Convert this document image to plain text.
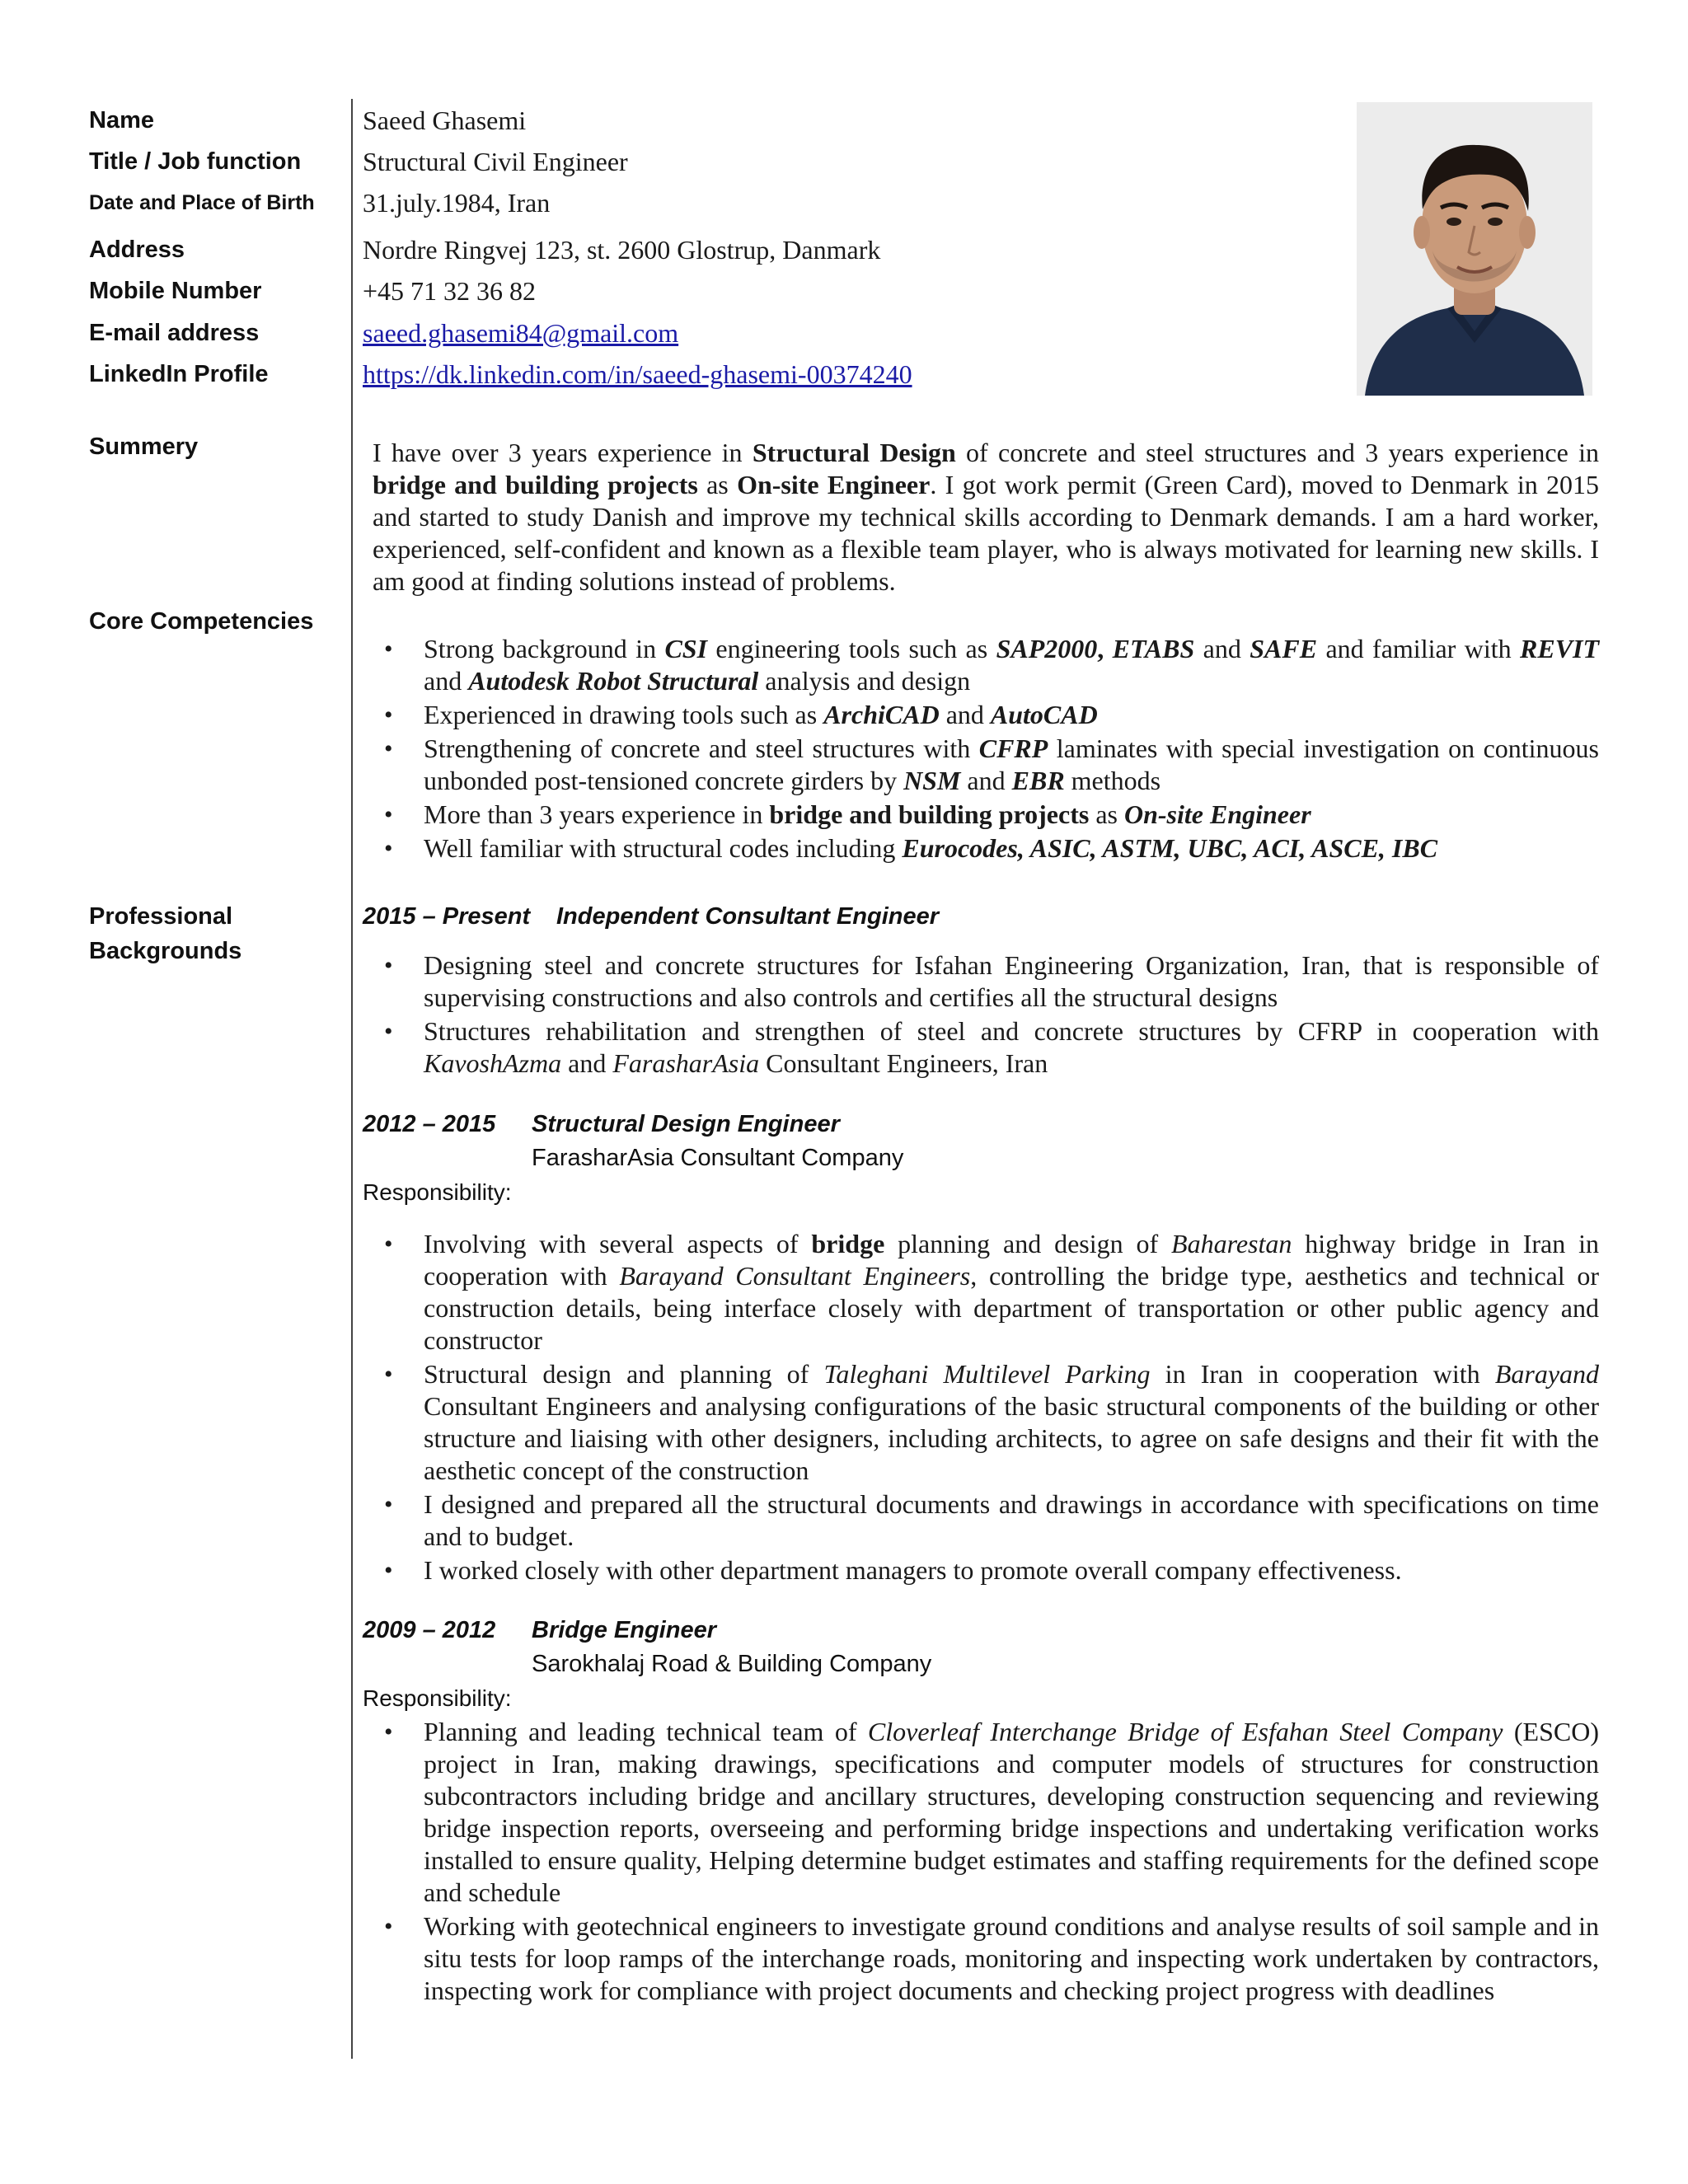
Name
Title / Job function
Date and Place of Birth
Address
Mobile Number
E-mail address
LinkedIn Profile
Saeed Ghasemi
Structural Civil Engineer
31.july.1984, Iran
Nordre Ringvej 123, st. 2600 Glostrup, Danmark
+45 71 32 36 82
saeed.ghasemi84@gmail.com
https://dk.linkedin.com/in/saeed-ghasemi-00374240
Summery	I have over 3 years experience in Structural Design of concrete and steel structures and 3 years experience in bridge and building projects as On-site Engineer. I got work permit (Green Card), moved to Denmark in 2015 and started to study Danish and improve my technical skills according to Denmark demands. I am a hard worker, experienced, self-confident and known as a flexible team player, who is always motivated for learning new skills. I am good at finding solutions instead of problems.
Core Competencies
• Strong background in CSI engineering tools such as SAP2000, ETABS and SAFE and familiar with REVIT and Autodesk Robot Structural analysis and design
• Experienced in drawing tools such as ArchiCAD and AutoCAD
• Strengthening of concrete and steel structures with CFRP laminates with special investigation on continuous unbonded post-tensioned concrete girders by NSM and EBR methods
• More than 3 years experience in bridge and building projects as On-site Engineer
• Well familiar with structural codes including Eurocodes, ASIC, ASTM, UBC, ACI, ASCE, IBC
Professional
Backgrounds
2015 – Present Independent Consultant Engineer
• Designing steel and concrete structures for Isfahan Engineering Organization, Iran, that is responsible of supervising constructions and also controls and certifies all the structural designs
• Structures rehabilitation and strengthen of steel and concrete structures by CFRP in cooperation with KavoshAzma and FarasharAsia Consultant Engineers, Iran
2012 – 2015 Structural Design Engineer
FarasharAsia Consultant Company
Responsibility:
• Involving with several aspects of bridge planning and design of Baharestan highway bridge in Iran in cooperation with Barayand Consultant Engineers, controlling the bridge type, aesthetics and technical or construction details, being interface closely with department of transportation or other public agency and constructor
• Structural design and planning of Taleghani Multilevel Parking in Iran in cooperation with Barayand Consultant Engineers and analysing configurations of the basic structural components of the building or other structure and liaising with other designers, including architects, to agree on safe designs and their fit with the aesthetic concept of the construction
• I designed and prepared all the structural documents and drawings in accordance with specifications on time and to budget.
• I worked closely with other department managers to promote overall company effectiveness.
2009 – 2012 Bridge Engineer
Sarokhalaj Road & Building Company
Responsibility:
• Planning and leading technical team of Cloverleaf Interchange Bridge of Esfahan Steel Company (ESCO) project in Iran, making drawings, specifications and computer models of structures for construction subcontractors including bridge and ancillary structures, developing construction sequencing and reviewing bridge inspection reports, overseeing and performing bridge inspections and undertaking verification works installed to ensure quality, Helping determine budget estimates and staffing requirements for the defined scope and schedule
• Working with geotechnical engineers to investigate ground conditions and analyse results of soil sample and in situ tests for loop ramps of the interchange roads, monitoring and inspecting work undertaken by contractors, inspecting work for compliance with project documents and checking project progress with deadlines
